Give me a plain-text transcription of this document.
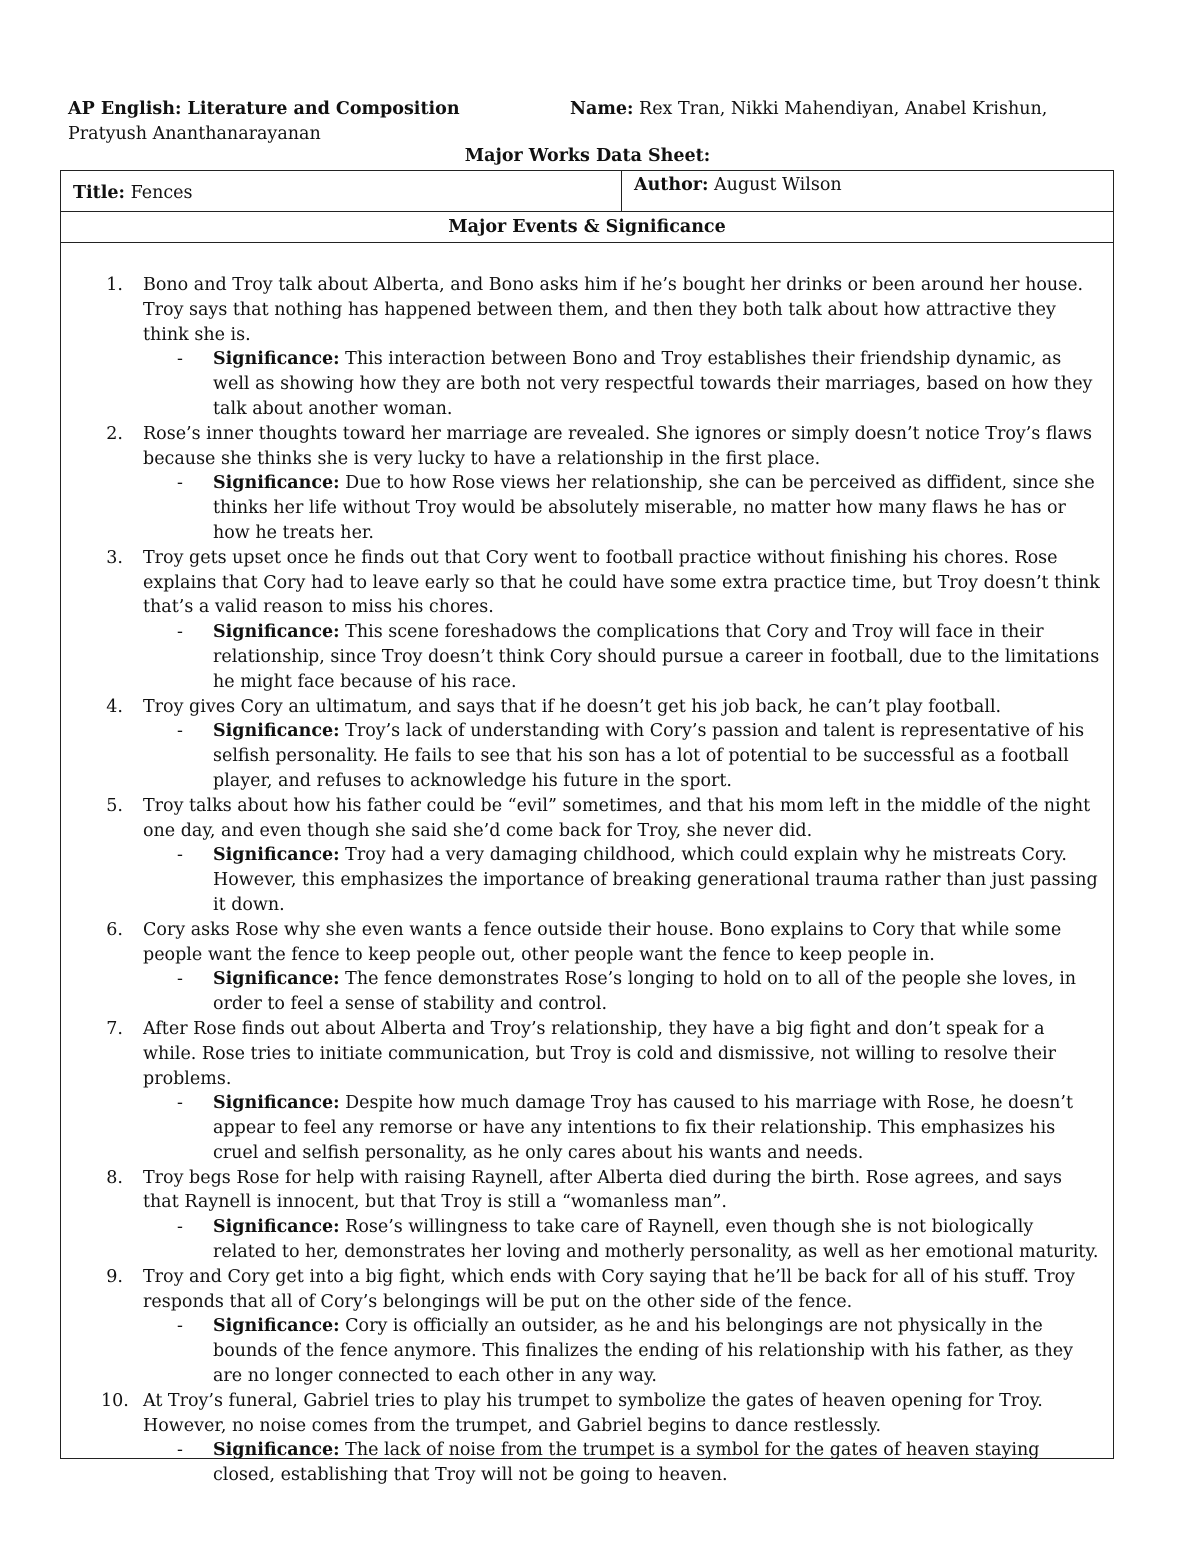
AP English: Literature and Composition	Name: Rex Tran, Nikki Mahendiyan, Anabel Krishun,
Pratyush Ananthanarayanan
Major Works Data Sheet:
Title: Fences	Author: August Wilson

Major Events & Significance

1. Bono and Troy talk about Alberta, and Bono asks him if he’s bought her drinks or been around her house. Troy says that nothing has happened between them, and then they both talk about how attractive they think she is.
- Significance: This interaction between Bono and Troy establishes their friendship dynamic, as well as showing how they are both not very respectful towards their marriages, based on how they talk about another woman.
2. Rose’s inner thoughts toward her marriage are revealed. She ignores or simply doesn’t notice Troy’s flaws because she thinks she is very lucky to have a relationship in the first place.
- Significance: Due to how Rose views her relationship, she can be perceived as diffident, since she thinks her life without Troy would be absolutely miserable, no matter how many flaws he has or how he treats her.
3. Troy gets upset once he finds out that Cory went to football practice without finishing his chores. Rose explains that Cory had to leave early so that he could have some extra practice time, but Troy doesn’t think that’s a valid reason to miss his chores.
- Significance: This scene foreshadows the complications that Cory and Troy will face in their relationship, since Troy doesn’t think Cory should pursue a career in football, due to the limitations he might face because of his race.
4. Troy gives Cory an ultimatum, and says that if he doesn’t get his job back, he can’t play football.
- Significance: Troy’s lack of understanding with Cory’s passion and talent is representative of his selfish personality. He fails to see that his son has a lot of potential to be successful as a football player, and refuses to acknowledge his future in the sport.
5. Troy talks about how his father could be “evil” sometimes, and that his mom left in the middle of the night one day, and even though she said she’d come back for Troy, she never did.
- Significance: Troy had a very damaging childhood, which could explain why he mistreats Cory. However, this emphasizes the importance of breaking generational trauma rather than just passing it down.
6. Cory asks Rose why she even wants a fence outside their house. Bono explains to Cory that while some people want the fence to keep people out, other people want the fence to keep people in.
- Significance: The fence demonstrates Rose’s longing to hold on to all of the people she loves, in order to feel a sense of stability and control.
7. After Rose finds out about Alberta and Troy’s relationship, they have a big fight and don’t speak for a while. Rose tries to initiate communication, but Troy is cold and dismissive, not willing to resolve their problems.
- Significance: Despite how much damage Troy has caused to his marriage with Rose, he doesn’t appear to feel any remorse or have any intentions to fix their relationship. This emphasizes his cruel and selfish personality, as he only cares about his wants and needs.
8. Troy begs Rose for help with raising Raynell, after Alberta died during the birth. Rose agrees, and says that Raynell is innocent, but that Troy is still a “womanless man”.
- Significance: Rose’s willingness to take care of Raynell, even though she is not biologically related to her, demonstrates her loving and motherly personality, as well as her emotional maturity.
9. Troy and Cory get into a big fight, which ends with Cory saying that he’ll be back for all of his stuff. Troy responds that all of Cory’s belongings will be put on the other side of the fence.
- Significance: Cory is officially an outsider, as he and his belongings are not physically in the bounds of the fence anymore. This finalizes the ending of his relationship with his father, as they are no longer connected to each other in any way.
10. At Troy’s funeral, Gabriel tries to play his trumpet to symbolize the gates of heaven opening for Troy. However, no noise comes from the trumpet, and Gabriel begins to dance restlessly.
- Significance: The lack of noise from the trumpet is a symbol for the gates of heaven staying closed, establishing that Troy will not be going to heaven.
